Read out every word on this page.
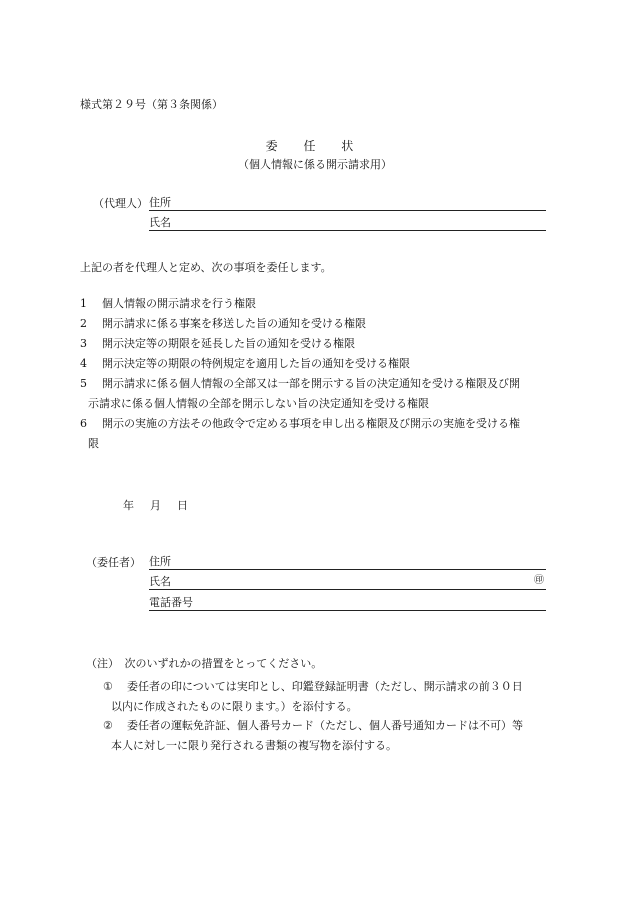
様式第２９号（第３条関係）
委 任 状
（個人情報に係る開示請求用）
（代理人） 住所
氏名
上記の者を代理人と定め、次の事項を委任します。
1	個人情報の開示請求を行う権限
2	開示請求に係る事案を移送した旨の通知を受ける権限
3	開示決定等の期限を延長した旨の通知を受ける権限
4	開示決定等の期限の特例規定を適用した旨の通知を受ける権限
5	開示請求に係る個人情報の全部又は一部を開示する旨の決定通知を受ける権限及び開
示請求に係る個人情報の全部を開示しない旨の決定通知を受ける権限
6	開示の実施の方法その他政令で定める事項を申し出る権限及び開示の実施を受ける権
限
年 月 日
（委任者） 住所
氏名	㊞
電話番号
（注）　次のいずれかの措置をとってください。
①	委任者の印については実印とし、印鑑登録証明書（ただし、開示請求の前３０日
以内に作成されたものに限ります。）を添付する。
②	委任者の運転免許証、個人番号カード（ただし、個人番号通知カードは不可）等
本人に対し一に限り発行される書類の複写物を添付する。
